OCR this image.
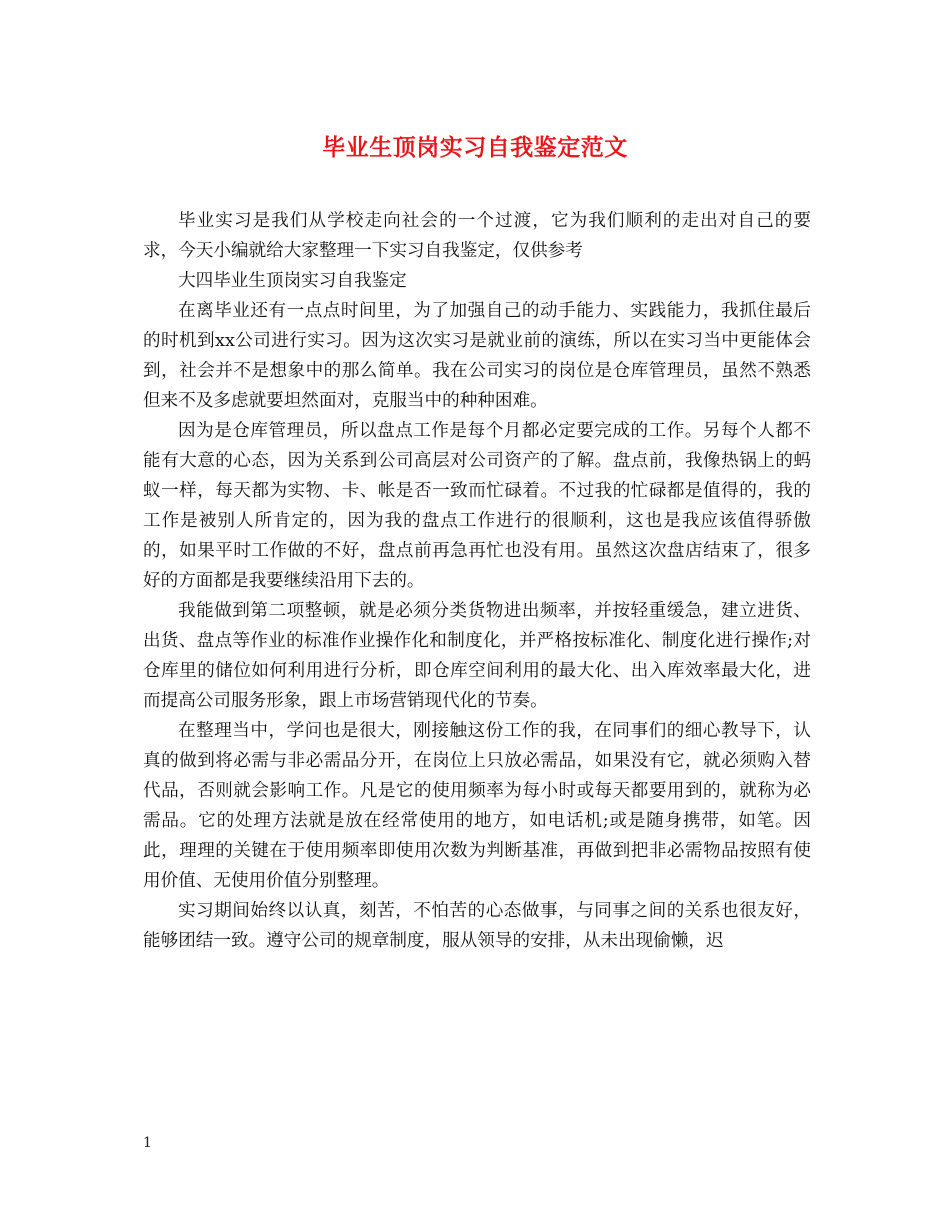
毕业生顶岗实习自我鉴定范文

毕业实习是我们从学校走向社会的一个过渡，它为我们顺利的走出对自己的要求，今天小编就给大家整理一下实习自我鉴定，仅供参考

大四毕业生顶岗实习自我鉴定

在离毕业还有一点点时间里，为了加强自己的动手能力、实践能力，我抓住最后的时机到xx公司进行实习。因为这次实习是就业前的演练，所以在实习当中更能体会到，社会并不是想象中的那么简单。我在公司实习的岗位是仓库管理员，虽然不熟悉但来不及多虑就要坦然面对，克服当中的种种困难。

因为是仓库管理员，所以盘点工作是每个月都必定要完成的工作。另每个人都不能有大意的心态，因为关系到公司高层对公司资产的了解。盘点前，我像热锅上的蚂蚁一样，每天都为实物、卡、帐是否一致而忙碌着。不过我的忙碌都是值得的，我的工作是被别人所肯定的，因为我的盘点工作进行的很顺利，这也是我应该值得骄傲的，如果平时工作做的不好，盘点前再急再忙也没有用。虽然这次盘店结束了，很多好的方面都是我要继续沿用下去的。

我能做到第二项整顿，就是必须分类货物进出频率，并按轻重缓急，建立进货、出货、盘点等作业的标准作业操作化和制度化，并严格按标准化、制度化进行操作;对仓库里的储位如何利用进行分析，即仓库空间利用的最大化、出入库效率最大化，进而提高公司服务形象，跟上市场营销现代化的节奏。

在整理当中，学问也是很大，刚接触这份工作的我，在同事们的细心教导下，认真的做到将必需与非必需品分开，在岗位上只放必需品，如果没有它，就必须购入替代品，否则就会影响工作。凡是它的使用频率为每小时或每天都要用到的，就称为必需品。它的处理方法就是放在经常使用的地方，如电话机;或是随身携带，如笔。因此，理理的关键在于使用频率即使用次数为判断基准，再做到把非必需物品按照有使用价值、无使用价值分别整理。

实习期间始终以认真，刻苦，不怕苦的心态做事，与同事之间的关系也很友好，能够团结一致。遵守公司的规章制度，服从领导的安排，从未出现偷懒，迟

1
